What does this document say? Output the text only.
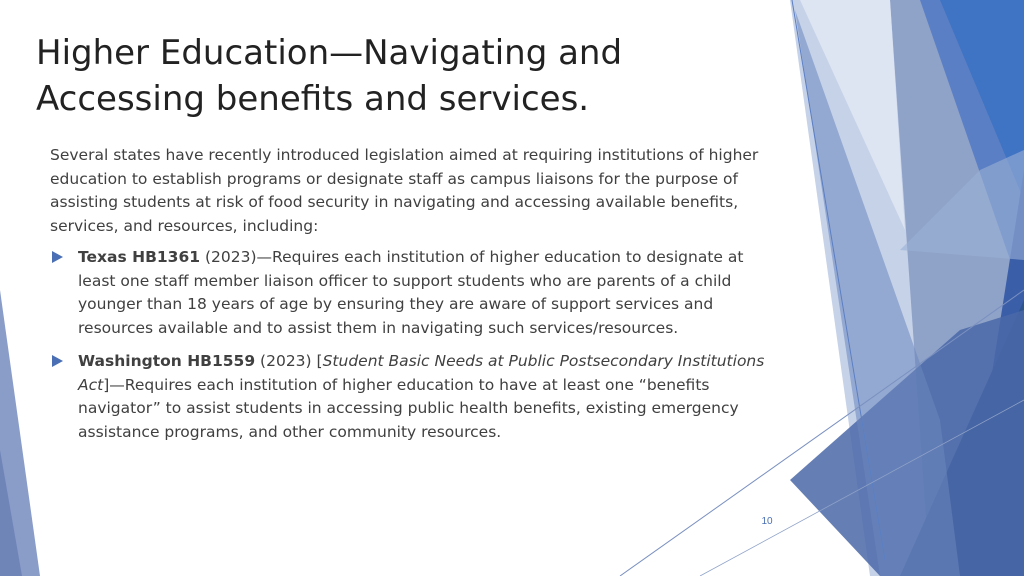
Higher Education—Navigating and Accessing benefits and services.

Several states have recently introduced legislation aimed at requiring institutions of higher education to establish programs or designate staff as campus liaisons for the purpose of assisting students at risk of food security in navigating and accessing available benefits, services, and resources, including:

Texas HB1361 (2023)—Requires each institution of higher education to designate at least one staff member liaison officer to support students who are parents of a child younger than 18 years of age by ensuring they are aware of support services and resources available and to assist them in navigating such services/resources.
Washington HB1559 (2023) [Student Basic Needs at Public Postsecondary Institutions Act]—Requires each institution of higher education to have at least one “benefits navigator” to assist students in accessing public health benefits, existing emergency assistance programs, and other community resources.
10
